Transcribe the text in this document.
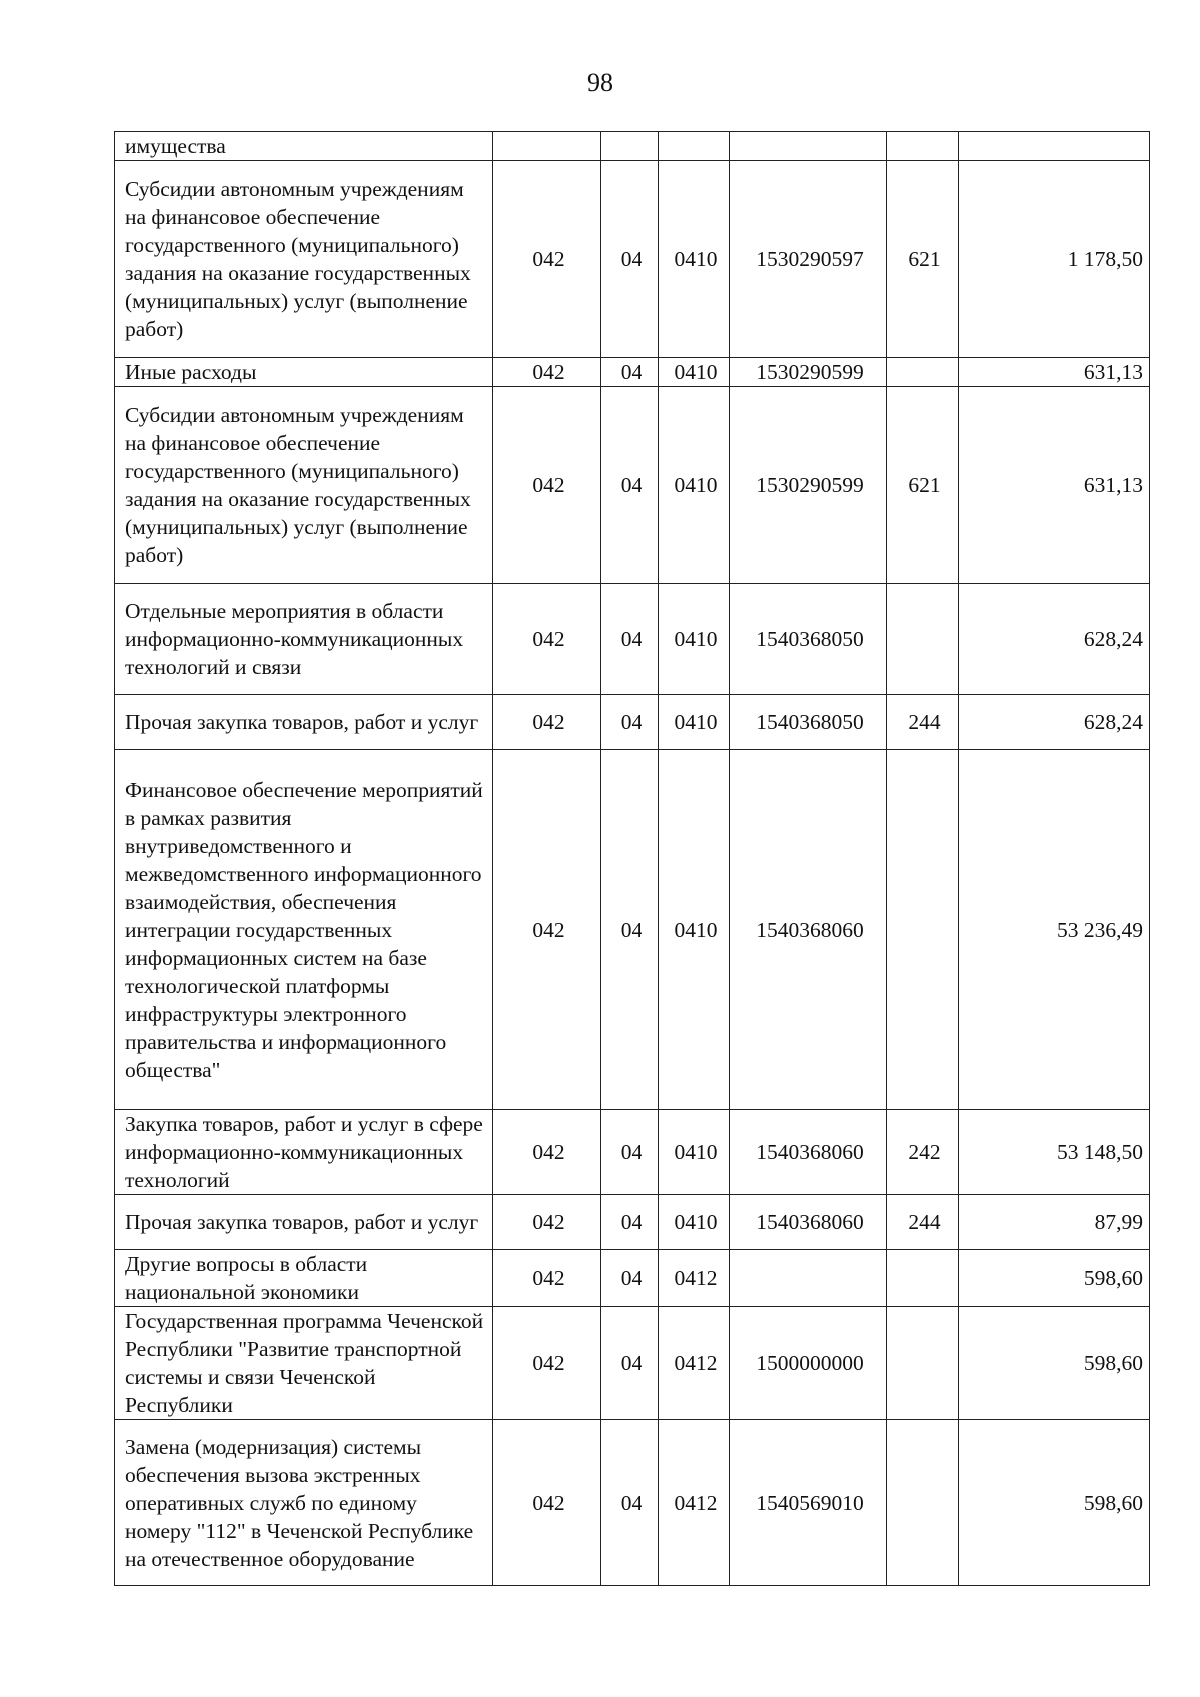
98
имущества						
Субсидии автономным учреждениям на финансовое обеспечение государственного (муниципального) задания на оказание государственных (муниципальных) услуг (выполнение работ)	042	04	0410	1530290597	621	1 178,50
Иные расходы	042	04	0410	1530290599		631,13
Субсидии автономным учреждениям на финансовое обеспечение государственного (муниципального) задания на оказание государственных (муниципальных) услуг (выполнение работ)	042	04	0410	1530290599	621	631,13
Отдельные мероприятия в области информационно-коммуникационных технологий и связи	042	04	0410	1540368050		628,24
Прочая закупка товаров, работ и услуг	042	04	0410	1540368050	244	628,24
Финансовое обеспечение мероприятий в рамках развития внутриведомственного и межведомственного информационного взаимодействия, обеспечения интеграции государственных информационных систем на базе технологической платформы инфраструктуры электронного правительства и информационного общества"	042	04	0410	1540368060		53 236,49
Закупка товаров, работ и услуг в сфере информационно-коммуникационных технологий	042	04	0410	1540368060	242	53 148,50
Прочая закупка товаров, работ и услуг	042	04	0410	1540368060	244	87,99
Другие вопросы в области национальной экономики	042	04	0412			598,60
Государственная программа Чеченской Республики "Развитие транспортной системы и связи Чеченской Республики	042	04	0412	1500000000		598,60
Замена (модернизация) системы обеспечения вызова экстренных оперативных служб по единому номеру "112" в Чеченской Республике на отечественное оборудование	042	04	0412	1540569010		598,60
